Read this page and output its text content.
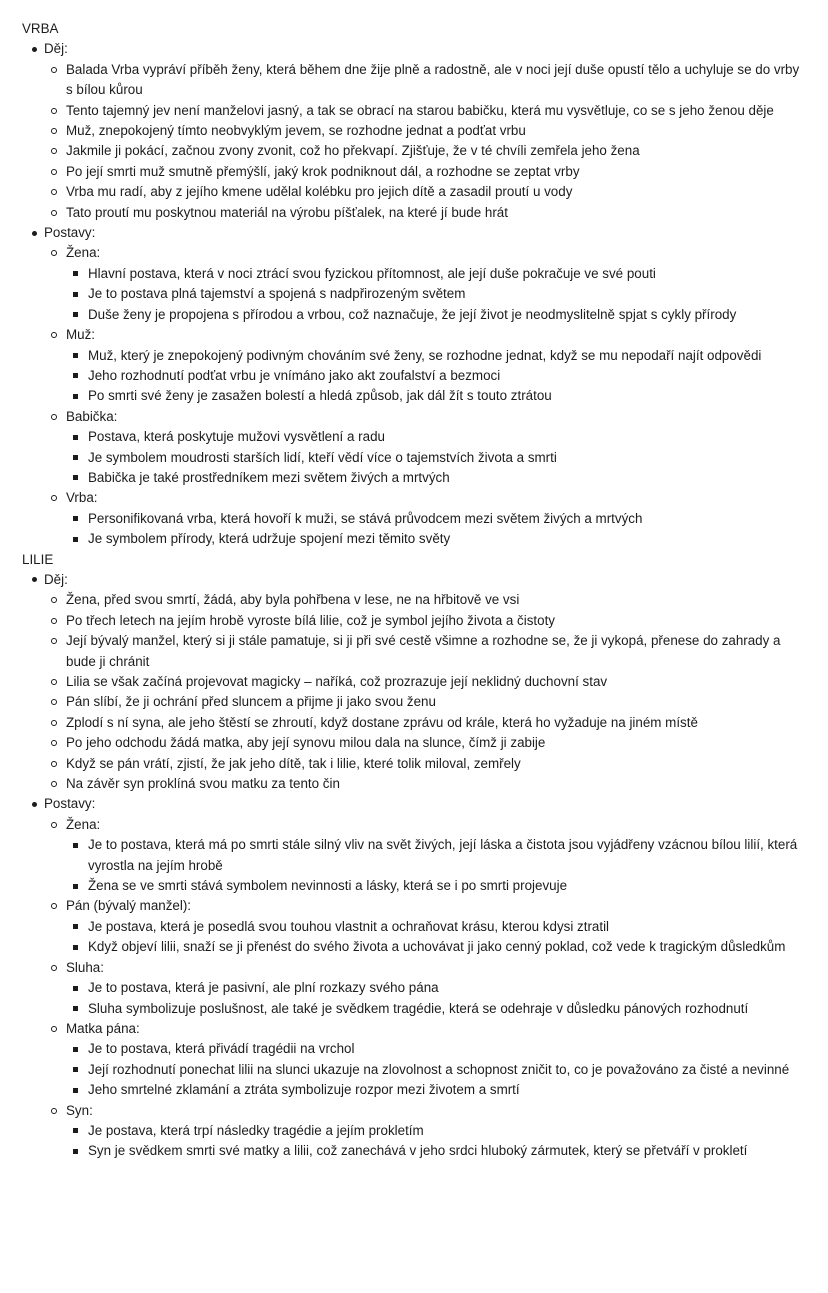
VRBA
Děj:
Balada Vrba vypráví příběh ženy, která během dne žije plně a radostně, ale v noci její duše opustí tělo a uchyluje se do vrby s bílou kůrou
Tento tajemný jev není manželovi jasný, a tak se obrací na starou babičku, která mu vysvětluje, co se s jeho ženou děje
Muž, znepokojený tímto neobvyklým jevem, se rozhodne jednat a podťat vrbu
Jakmile ji pokácí, začnou zvony zvonit, což ho překvapí. Zjišťuje, že v té chvíli zemřela jeho žena
Po její smrti muž smutně přemýšlí, jaký krok podniknout dál, a rozhodne se zeptat vrby
Vrba mu radí, aby z jejího kmene udělal kolébku pro jejich dítě a zasadil proutí u vody
Tato proutí mu poskytnou materiál na výrobu píšťalek, na které jí bude hrát
Postavy:
Žena:
Hlavní postava, která v noci ztrácí svou fyzickou přítomnost, ale její duše pokračuje ve své pouti
Je to postava plná tajemství a spojená s nadpřirozeným světem
Duše ženy je propojena s přírodou a vrbou, což naznačuje, že její život je neodmyslitelně spjat s cykly přírody
Muž:
Muž, který je znepokojený podivným chováním své ženy, se rozhodne jednat, když se mu nepodaří najít odpovědi
Jeho rozhodnutí podťat vrbu je vnímáno jako akt zoufalství a bezmoci
Po smrti své ženy je zasažen bolestí a hledá způsob, jak dál žít s touto ztrátou
Babička:
Postava, která poskytuje mužovi vysvětlení a radu
Je symbolem moudrosti starších lidí, kteří vědí více o tajemstvích života a smrti
Babička je také prostředníkem mezi světem živých a mrtvých
Vrba:
Personifikovaná vrba, která hovoří k muži, se stává průvodcem mezi světem živých a mrtvých
Je symbolem přírody, která udržuje spojení mezi těmito světy
LILIE
Děj:
Žena, před svou smrtí, žádá, aby byla pohřbena v lese, ne na hřbitově ve vsi
Po třech letech na jejím hrobě vyroste bílá lilie, což je symbol jejího života a čistoty
Její bývalý manžel, který si ji stále pamatuje, si ji při své cestě všimne a rozhodne se, že ji vykopá, přenese do zahrady a bude ji chránit
Lilia se však začíná projevovat magicky – naříká, což prozrazuje její neklidný duchovní stav
Pán slíbí, že ji ochrání před sluncem a přijme ji jako svou ženu
Zplodí s ní syna, ale jeho štěstí se zhroutí, když dostane zprávu od krále, která ho vyžaduje na jiném místě
Po jeho odchodu žádá matka, aby její synovu milou dala na slunce, čímž ji zabije
Když se pán vrátí, zjistí, že jak jeho dítě, tak i lilie, které tolik miloval, zemřely
Na závěr syn proklíná svou matku za tento čin
Postavy:
Žena:
Je to postava, která má po smrti stále silný vliv na svět živých, její láska a čistota jsou vyjádřeny vzácnou bílou lilií, která vyrostla na jejím hrobě
Žena se ve smrti stává symbolem nevinnosti a lásky, která se i po smrti projevuje
Pán (bývalý manžel):
Je postava, která je posedlá svou touhou vlastnit a ochraňovat krásu, kterou kdysi ztratil
Když objeví lilii, snaží se ji přenést do svého života a uchovávat ji jako cenný poklad, což vede k tragickým důsledkům
Sluha:
Je to postava, která je pasivní, ale plní rozkazy svého pána
Sluha symbolizuje poslušnost, ale také je svědkem tragédie, která se odehraje v důsledku pánových rozhodnutí
Matka pána:
Je to postava, která přivádí tragédii na vrchol
Její rozhodnutí ponechat lilii na slunci ukazuje na zlovolnost a schopnost zničit to, co je považováno za čisté a nevinné
Jeho smrtelné zklamání a ztráta symbolizuje rozpor mezi životem a smrtí
Syn:
Je postava, která trpí následky tragédie a jejím prokletím
Syn je svědkem smrti své matky a lilii, což zanechává v jeho srdci hluboký zármutek, který se přetváří v prokletí
